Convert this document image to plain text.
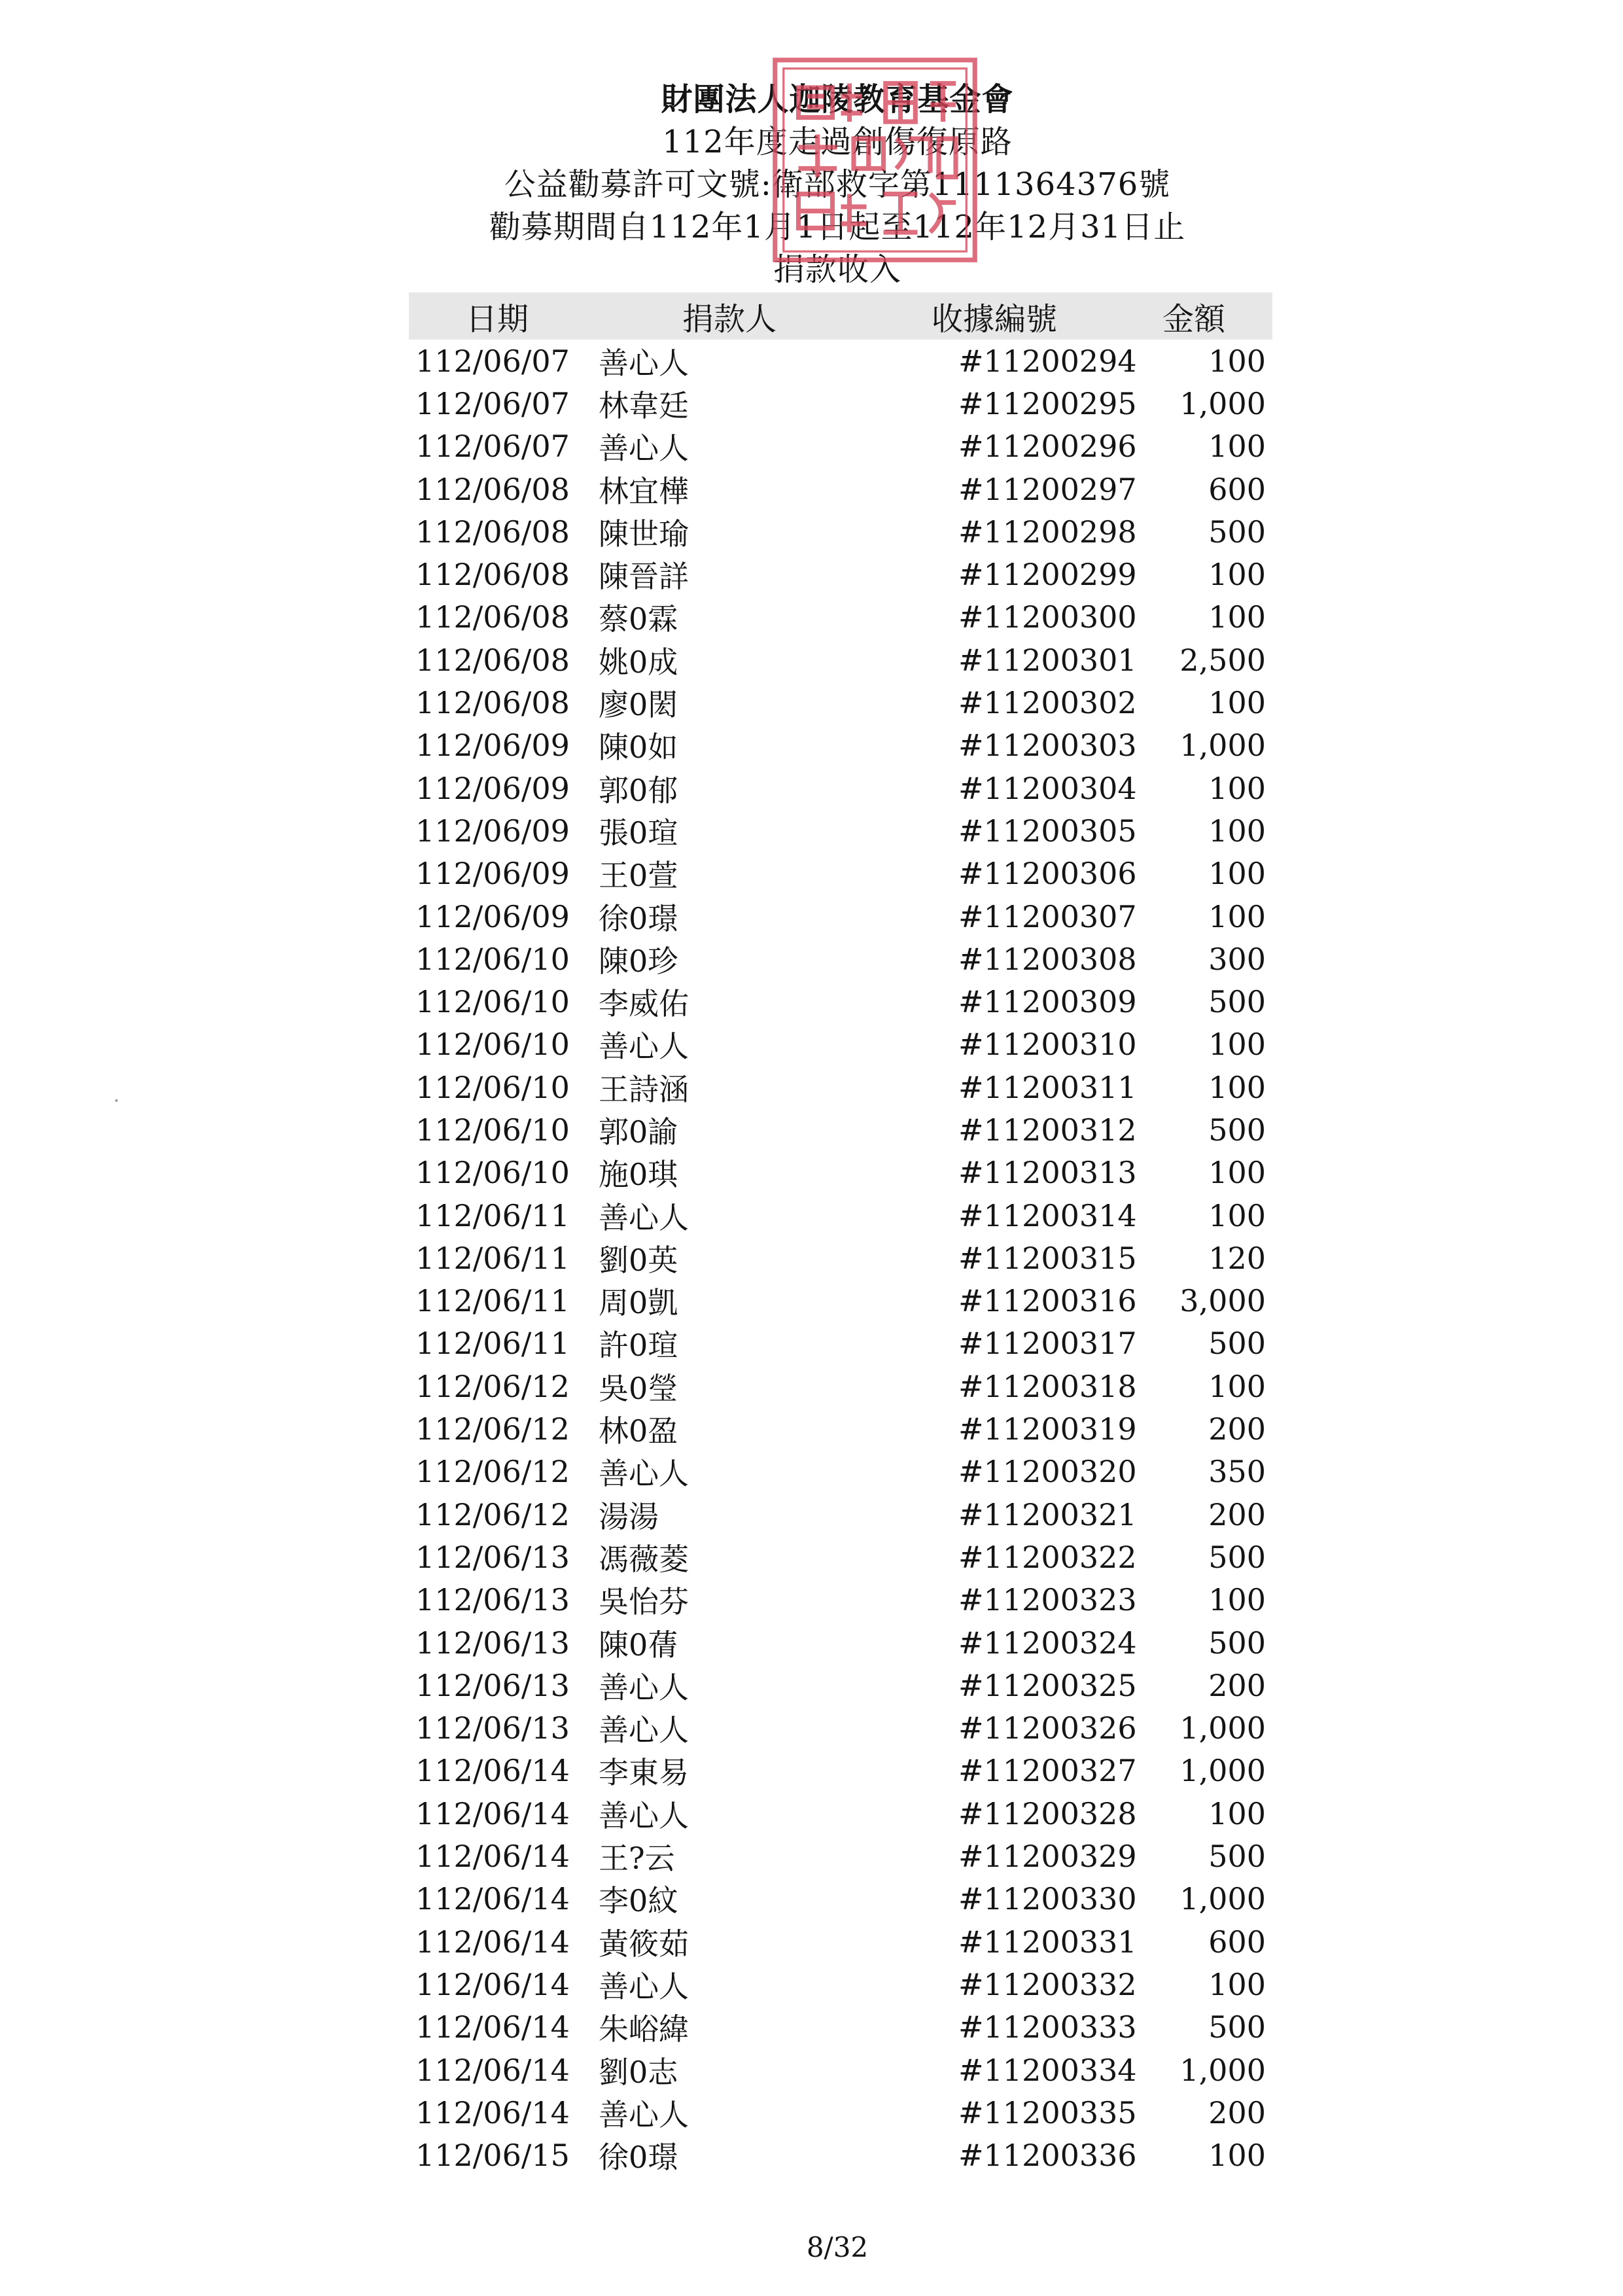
財團法人迦陵教育基金會
112年度走過創傷復原路
公益勸募許可文號:衛部救字第1111364376號
勸募期間自112年1月1日起至112年12月31日止
捐款收入
日期	捐款人	收據編號	金額
112/06/07 善心人	#11200294	100
112/06/07 林韋廷	#11200295	1,000
112/06/07 善心人	#11200296	100
112/06/08 林宜樺	#11200297	600
112/06/08 陳世瑜	#11200298	500
112/06/08 陳晉詳	#11200299	100
112/06/08 蔡0霖	#11200300	100
112/06/08 姚0成	#11200301	2,500
112/06/08 廖0閎	#11200302	100
112/06/09 陳0如	#11200303	1,000
112/06/09 郭0郁	#11200304	100
112/06/09 張0瑄	#11200305	100
112/06/09 王0萱	#11200306	100
112/06/09 徐0璟	#11200307	100
112/06/10 陳0珍	#11200308	300
112/06/10 李威佑	#11200309	500
112/06/10 善心人	#11200310	100
112/06/10 王詩涵	#11200311	100
112/06/10 郭0諭	#11200312	500
112/06/10 施0琪	#11200313	100
112/06/11 善心人	#11200314	100
112/06/11 劉0英	#11200315	120
112/06/11 周0凱	#11200316	3,000
112/06/11 許0瑄	#11200317	500
112/06/12 吳0瑩	#11200318	100
112/06/12 林0盈	#11200319	200
112/06/12 善心人	#11200320	350
112/06/12 湯湯	#11200321	200
112/06/13 馮薇菱	#11200322	500
112/06/13 吳怡芬	#11200323	100
112/06/13 陳0蒨	#11200324	500
112/06/13 善心人	#11200325	200
112/06/13 善心人	#11200326	1,000
112/06/14 李東易	#11200327	1,000
112/06/14 善心人	#11200328	100
112/06/14 王?云	#11200329	500
112/06/14 李0紋	#11200330	1,000
112/06/14 黃筱茹	#11200331	600
112/06/14 善心人	#11200332	100
112/06/14 朱峪緯	#11200333	500
112/06/14 劉0志	#11200334	1,000
112/06/14 善心人	#11200335	200
112/06/15 徐0璟	#11200336	100
8/32
